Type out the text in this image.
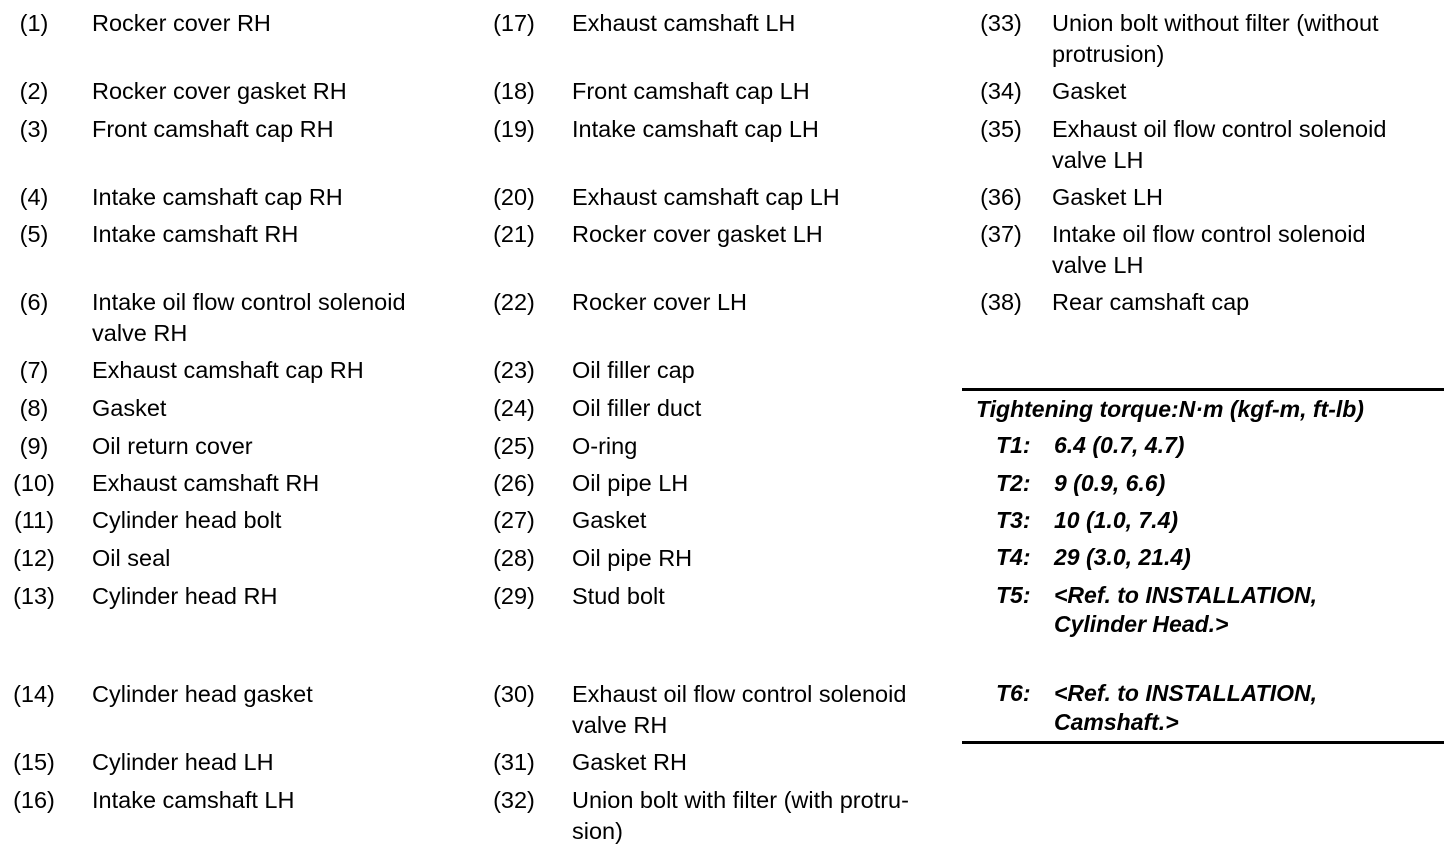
(1)	Rocker cover RH
(2)	Rocker cover gasket RH
(3)	Front camshaft cap RH
(4)	Intake camshaft cap RH
(5)	Intake camshaft RH
(6)	Intake oil flow control solenoid valve RH
(7)	Exhaust camshaft cap RH
(8)	Gasket
(9)	Oil return cover
(10)	Exhaust camshaft RH
(11)	Cylinder head bolt
(12)	Oil seal
(13)	Cylinder head RH
(14)	Cylinder head gasket
(15)	Cylinder head LH
(16)	Intake camshaft LH
(17)	Exhaust camshaft LH
(18)	Front camshaft cap LH
(19)	Intake camshaft cap LH
(20)	Exhaust camshaft cap LH
(21)	Rocker cover gasket LH
(22)	Rocker cover LH
(23)	Oil filler cap
(24)	Oil filler duct
(25)	O-ring
(26)	Oil pipe LH
(27)	Gasket
(28)	Oil pipe RH
(29)	Stud bolt
(30)	Exhaust oil flow control solenoid valve RH
(31)	Gasket RH
(32)	Union bolt with filter (with protru-sion)
(33)	Union bolt without filter (without protrusion)
(34)	Gasket
(35)	Exhaust oil flow control solenoid valve LH
(36)	Gasket LH
(37)	Intake oil flow control solenoid valve LH
(38)	Rear camshaft cap
Tightening torque:N·m (kgf-m, ft-lb)
T1: 6.4 (0.7, 4.7)
T2: 9 (0.9, 6.6)
T3: 10 (1.0, 7.4)
T4: 29 (3.0, 21.4)
T5: <Ref. to INSTALLATION, Cylinder Head.>
T6: <Ref. to INSTALLATION, Camshaft.>
